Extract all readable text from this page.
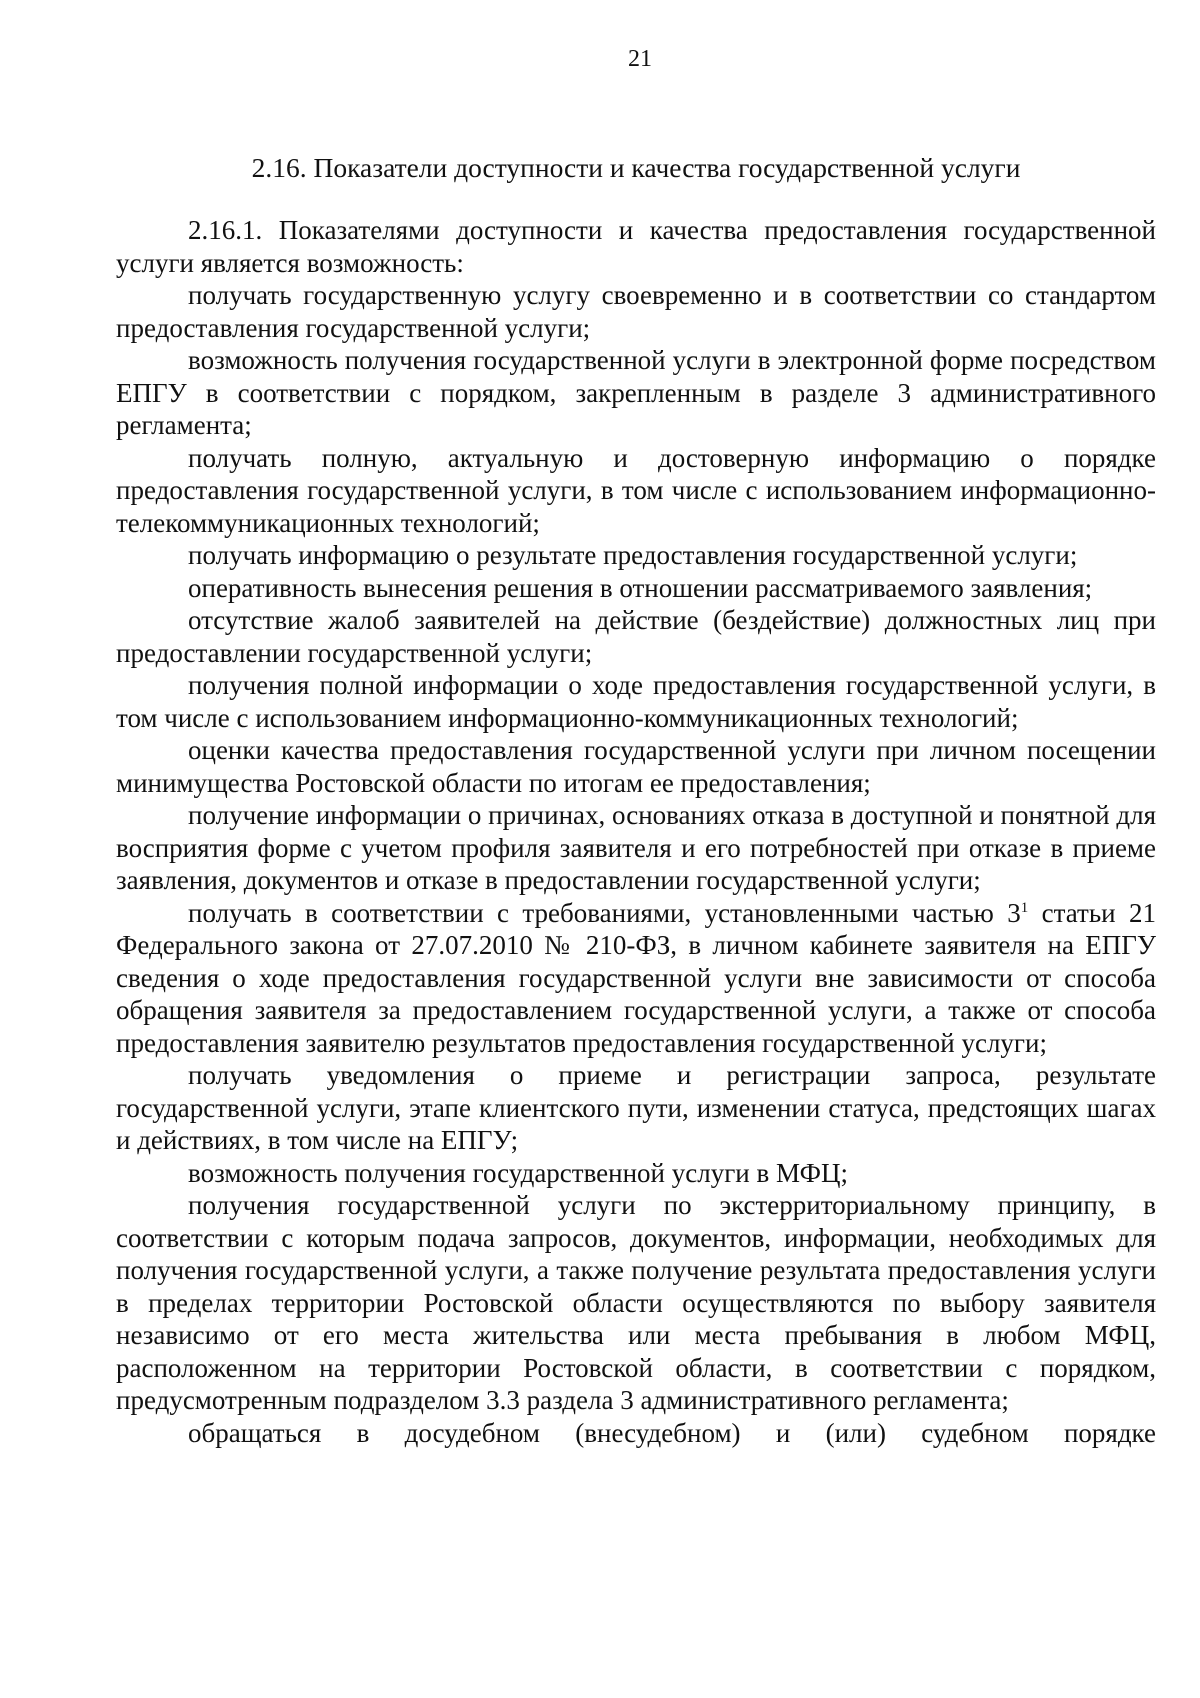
21
2.16. Показатели доступности и качества государственной услуги

2.16.1. Показателями доступности и качества предоставления государственной услуги является возможность:

получать государственную услугу своевременно и в соответствии со стандартом предоставления государственной услуги;

возможность получения государственной услуги в электронной форме посредством ЕПГУ в соответствии с порядком, закрепленным в разделе 3 административного регламента;

получать полную, актуальную и достоверную информацию о порядке предоставления государственной услуги, в том числе с использованием информационно-телекоммуникационных технологий;

получать информацию о результате предоставления государственной услуги;

оперативность вынесения решения в отношении рассматриваемого заявления;

отсутствие жалоб заявителей на действие (бездействие) должностных лиц при предоставлении государственной услуги;

получения полной информации о ходе предоставления государственной услуги, в том числе с использованием информационно-коммуникационных технологий;

оценки качества предоставления государственной услуги при личном посещении минимущества Ростовской области по итогам ее предоставления;

получение информации о причинах, основаниях отказа в доступной и понятной для восприятия форме с учетом профиля заявителя и его потребностей при отказе в приеме заявления, документов и отказе в предоставлении государственной услуги;

получать в соответствии с требованиями, установленными частью $3^1$ статьи 21 Федерального закона от 27.07.2010 № 210-ФЗ, в личном кабинете заявителя на ЕПГУ сведения о ходе предоставления государственной услуги вне зависимости от способа обращения заявителя за предоставлением государственной услуги, а также от способа предоставления заявителю результатов предоставления государственной услуги;

получать уведомления о приеме и регистрации запроса, результате государственной услуги, этапе клиентского пути, изменении статуса, предстоящих шагах и действиях, в том числе на ЕПГУ;

возможность получения государственной услуги в МФЦ;

получения государственной услуги по экстерриториальному принципу, в соответствии с которым подача запросов, документов, информации, необходимых для получения государственной услуги, а также получение результата предоставления услуги в пределах территории Ростовской области осуществляются по выбору заявителя независимо от его места жительства или места пребывания в любом МФЦ, расположенном на территории Ростовской области, в соответствии с порядком, предусмотренным подразделом 3.3 раздела 3 административного регламента;

обращаться в досудебном (внесудебном) и (или) судебном порядке
